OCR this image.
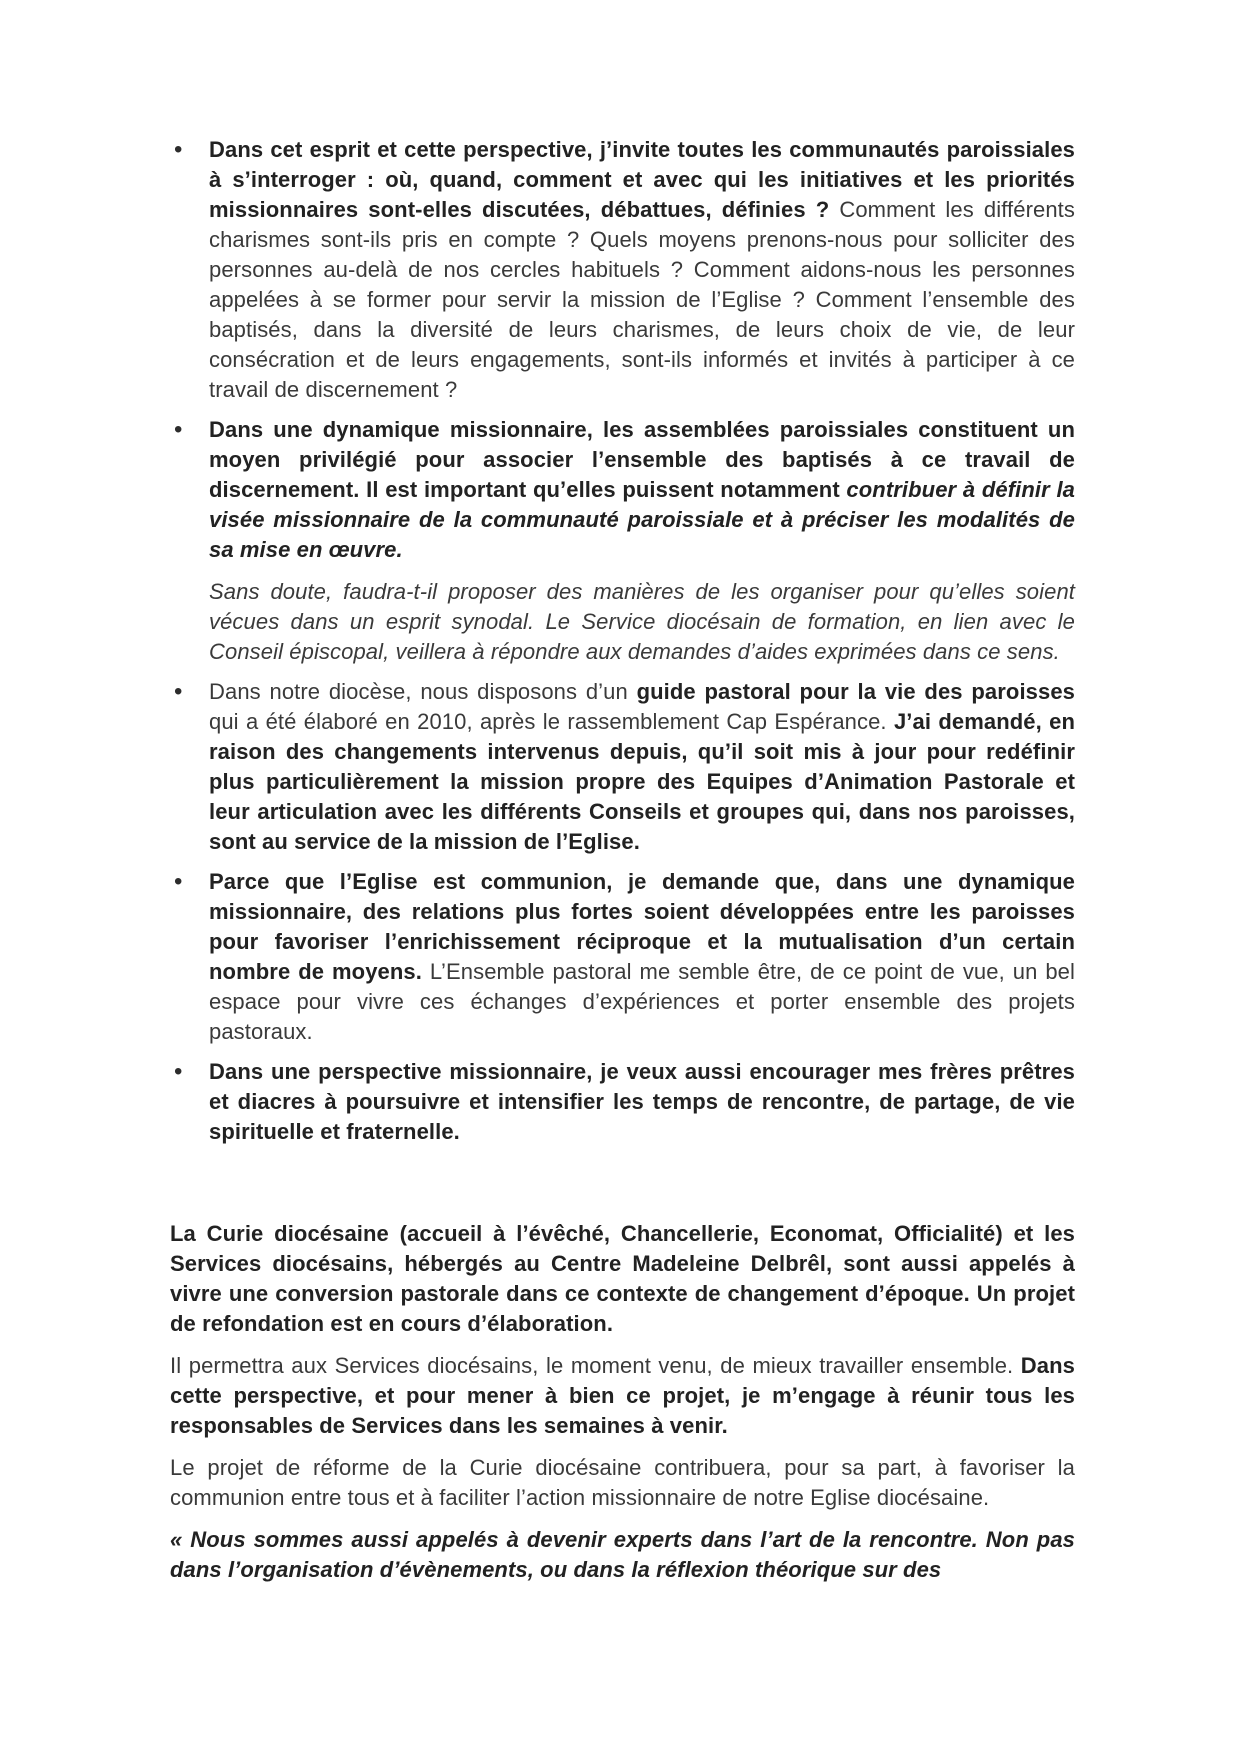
• Dans cet esprit et cette perspective, j’invite toutes les communautés paroissiales à s’interroger : où, quand, comment et avec qui les initiatives et les priorités missionnaires sont-elles discutées, débattues, définies ? Comment les différents charismes sont-ils pris en compte ? Quels moyens prenons-nous pour solliciter des personnes au-delà de nos cercles habituels ? Comment aidons-nous les personnes appelées à se former pour servir la mission de l’Eglise ? Comment l’ensemble des baptisés, dans la diversité de leurs charismes, de leurs choix de vie, de leur consécration et de leurs engagements, sont-ils informés et invités à participer à ce travail de discernement ?

• Dans une dynamique missionnaire, les assemblées paroissiales constituent un moyen privilégié pour associer l’ensemble des baptisés à ce travail de discernement. Il est important qu’elles puissent notamment contribuer à définir la visée missionnaire de la communauté paroissiale et à préciser les modalités de sa mise en œuvre.

Sans doute, faudra-t-il proposer des manières de les organiser pour qu’elles soient vécues dans un esprit synodal. Le Service diocésain de formation, en lien avec le Conseil épiscopal, veillera à répondre aux demandes d’aides exprimées dans ce sens.

• Dans notre diocèse, nous disposons d’un guide pastoral pour la vie des paroisses qui a été élaboré en 2010, après le rassemblement Cap Espérance. J’ai demandé, en raison des changements intervenus depuis, qu’il soit mis à jour pour redéfinir plus particulièrement la mission propre des Equipes d’Animation Pastorale et leur articulation avec les différents Conseils et groupes qui, dans nos paroisses, sont au service de la mission de l’Eglise.

• Parce que l’Eglise est communion, je demande que, dans une dynamique missionnaire, des relations plus fortes soient développées entre les paroisses pour favoriser l’enrichissement réciproque et la mutualisation d’un certain nombre de moyens. L’Ensemble pastoral me semble être, de ce point de vue, un bel espace pour vivre ces échanges d’expériences et porter ensemble des projets pastoraux.

• Dans une perspective missionnaire, je veux aussi encourager mes frères prêtres et diacres à poursuivre et intensifier les temps de rencontre, de partage, de vie spirituelle et fraternelle.

La Curie diocésaine (accueil à l’évêché, Chancellerie, Economat, Officialité) et les Services diocésains, hébergés au Centre Madeleine Delbrêl, sont aussi appelés à vivre une conversion pastorale dans ce contexte de changement d’époque. Un projet de refondation est en cours d’élaboration.

Il permettra aux Services diocésains, le moment venu, de mieux travailler ensemble. Dans cette perspective, et pour mener à bien ce projet, je m’engage à réunir tous les responsables de Services dans les semaines à venir.

Le projet de réforme de la Curie diocésaine contribuera, pour sa part, à favoriser la communion entre tous et à faciliter l’action missionnaire de notre Eglise diocésaine.

« Nous sommes aussi appelés à devenir experts dans l’art de la rencontre. Non pas dans l’organisation d’évènements, ou dans la réflexion théorique sur des
